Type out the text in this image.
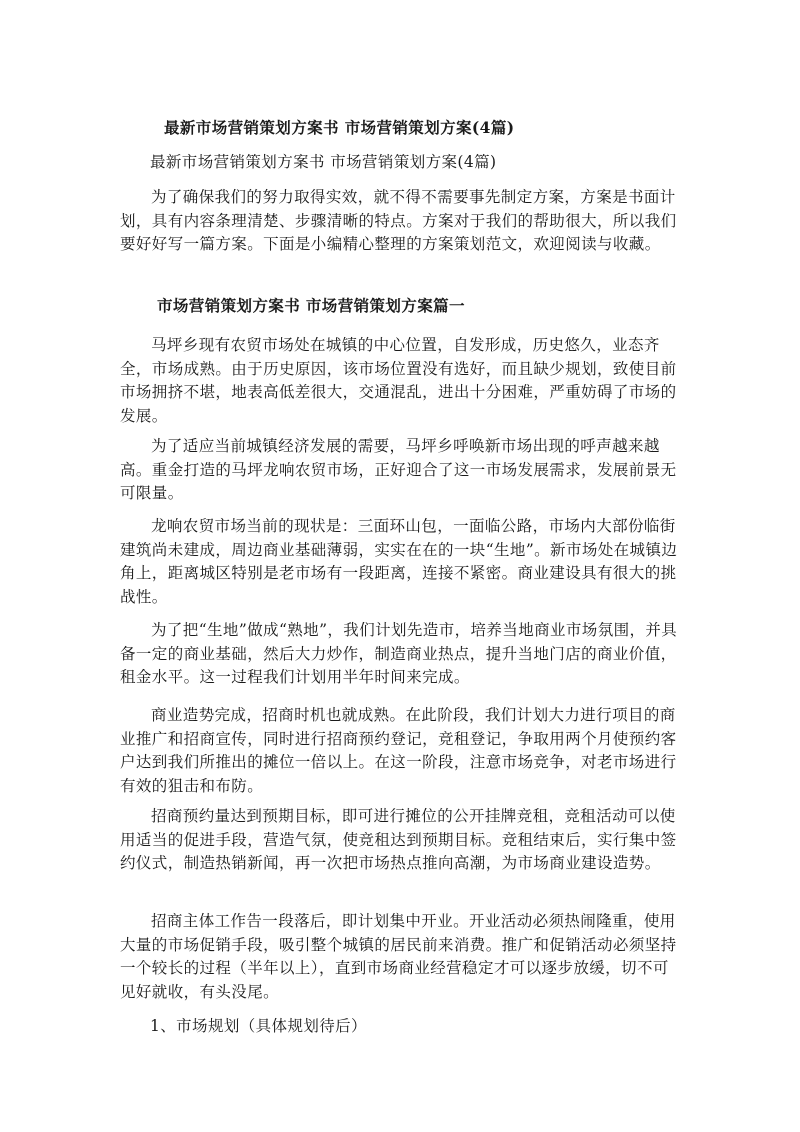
最新市场营销策划方案书 市场营销策划方案(4篇)

最新市场营销策划方案书 市场营销策划方案(4篇)

为了确保我们的努力取得实效，就不得不需要事先制定方案，方案是书面计划，具有内容条理清楚、步骤清晰的特点。方案对于我们的帮助很大，所以我们要好好写一篇方案。下面是小编精心整理的方案策划范文，欢迎阅读与收藏。

市场营销策划方案书 市场营销策划方案篇一

马坪乡现有农贸市场处在城镇的中心位置，自发形成，历史悠久，业态齐全，市场成熟。由于历史原因，该市场位置没有选好，而且缺少规划，致使目前市场拥挤不堪，地表高低差很大，交通混乱，进出十分困难，严重妨碍了市场的发展。

为了适应当前城镇经济发展的需要，马坪乡呼唤新市场出现的呼声越来越高。重金打造的马坪龙响农贸市场，正好迎合了这一市场发展需求，发展前景无可限量。

龙响农贸市场当前的现状是：三面环山包，一面临公路，市场内大部份临街建筑尚未建成，周边商业基础薄弱，实实在在的一块“生地”。新市场处在城镇边角上，距离城区特别是老市场有一段距离，连接不紧密。商业建设具有很大的挑战性。

为了把“生地”做成“熟地”，我们计划先造市，培养当地商业市场氛围，并具备一定的商业基础，然后大力炒作，制造商业热点，提升当地门店的商业价值，租金水平。这一过程我们计划用半年时间来完成。

商业造势完成，招商时机也就成熟。在此阶段，我们计划大力进行项目的商业推广和招商宣传，同时进行招商预约登记，竞租登记，争取用两个月使预约客户达到我们所推出的摊位一倍以上。在这一阶段，注意市场竞争，对老市场进行有效的狙击和布防。

招商预约量达到预期目标，即可进行摊位的公开挂牌竞租，竞租活动可以使用适当的促进手段，营造气氛，使竞租达到预期目标。竞租结束后，实行集中签约仪式，制造热销新闻，再一次把市场热点推向高潮，为市场商业建设造势。

招商主体工作告一段落后，即计划集中开业。开业活动必须热闹隆重，使用大量的市场促销手段，吸引整个城镇的居民前来消费。推广和促销活动必须坚持一个较长的过程（半年以上），直到市场商业经营稳定才可以逐步放缓，切不可见好就收，有头没尾。

1、市场规划（具体规划待后）
